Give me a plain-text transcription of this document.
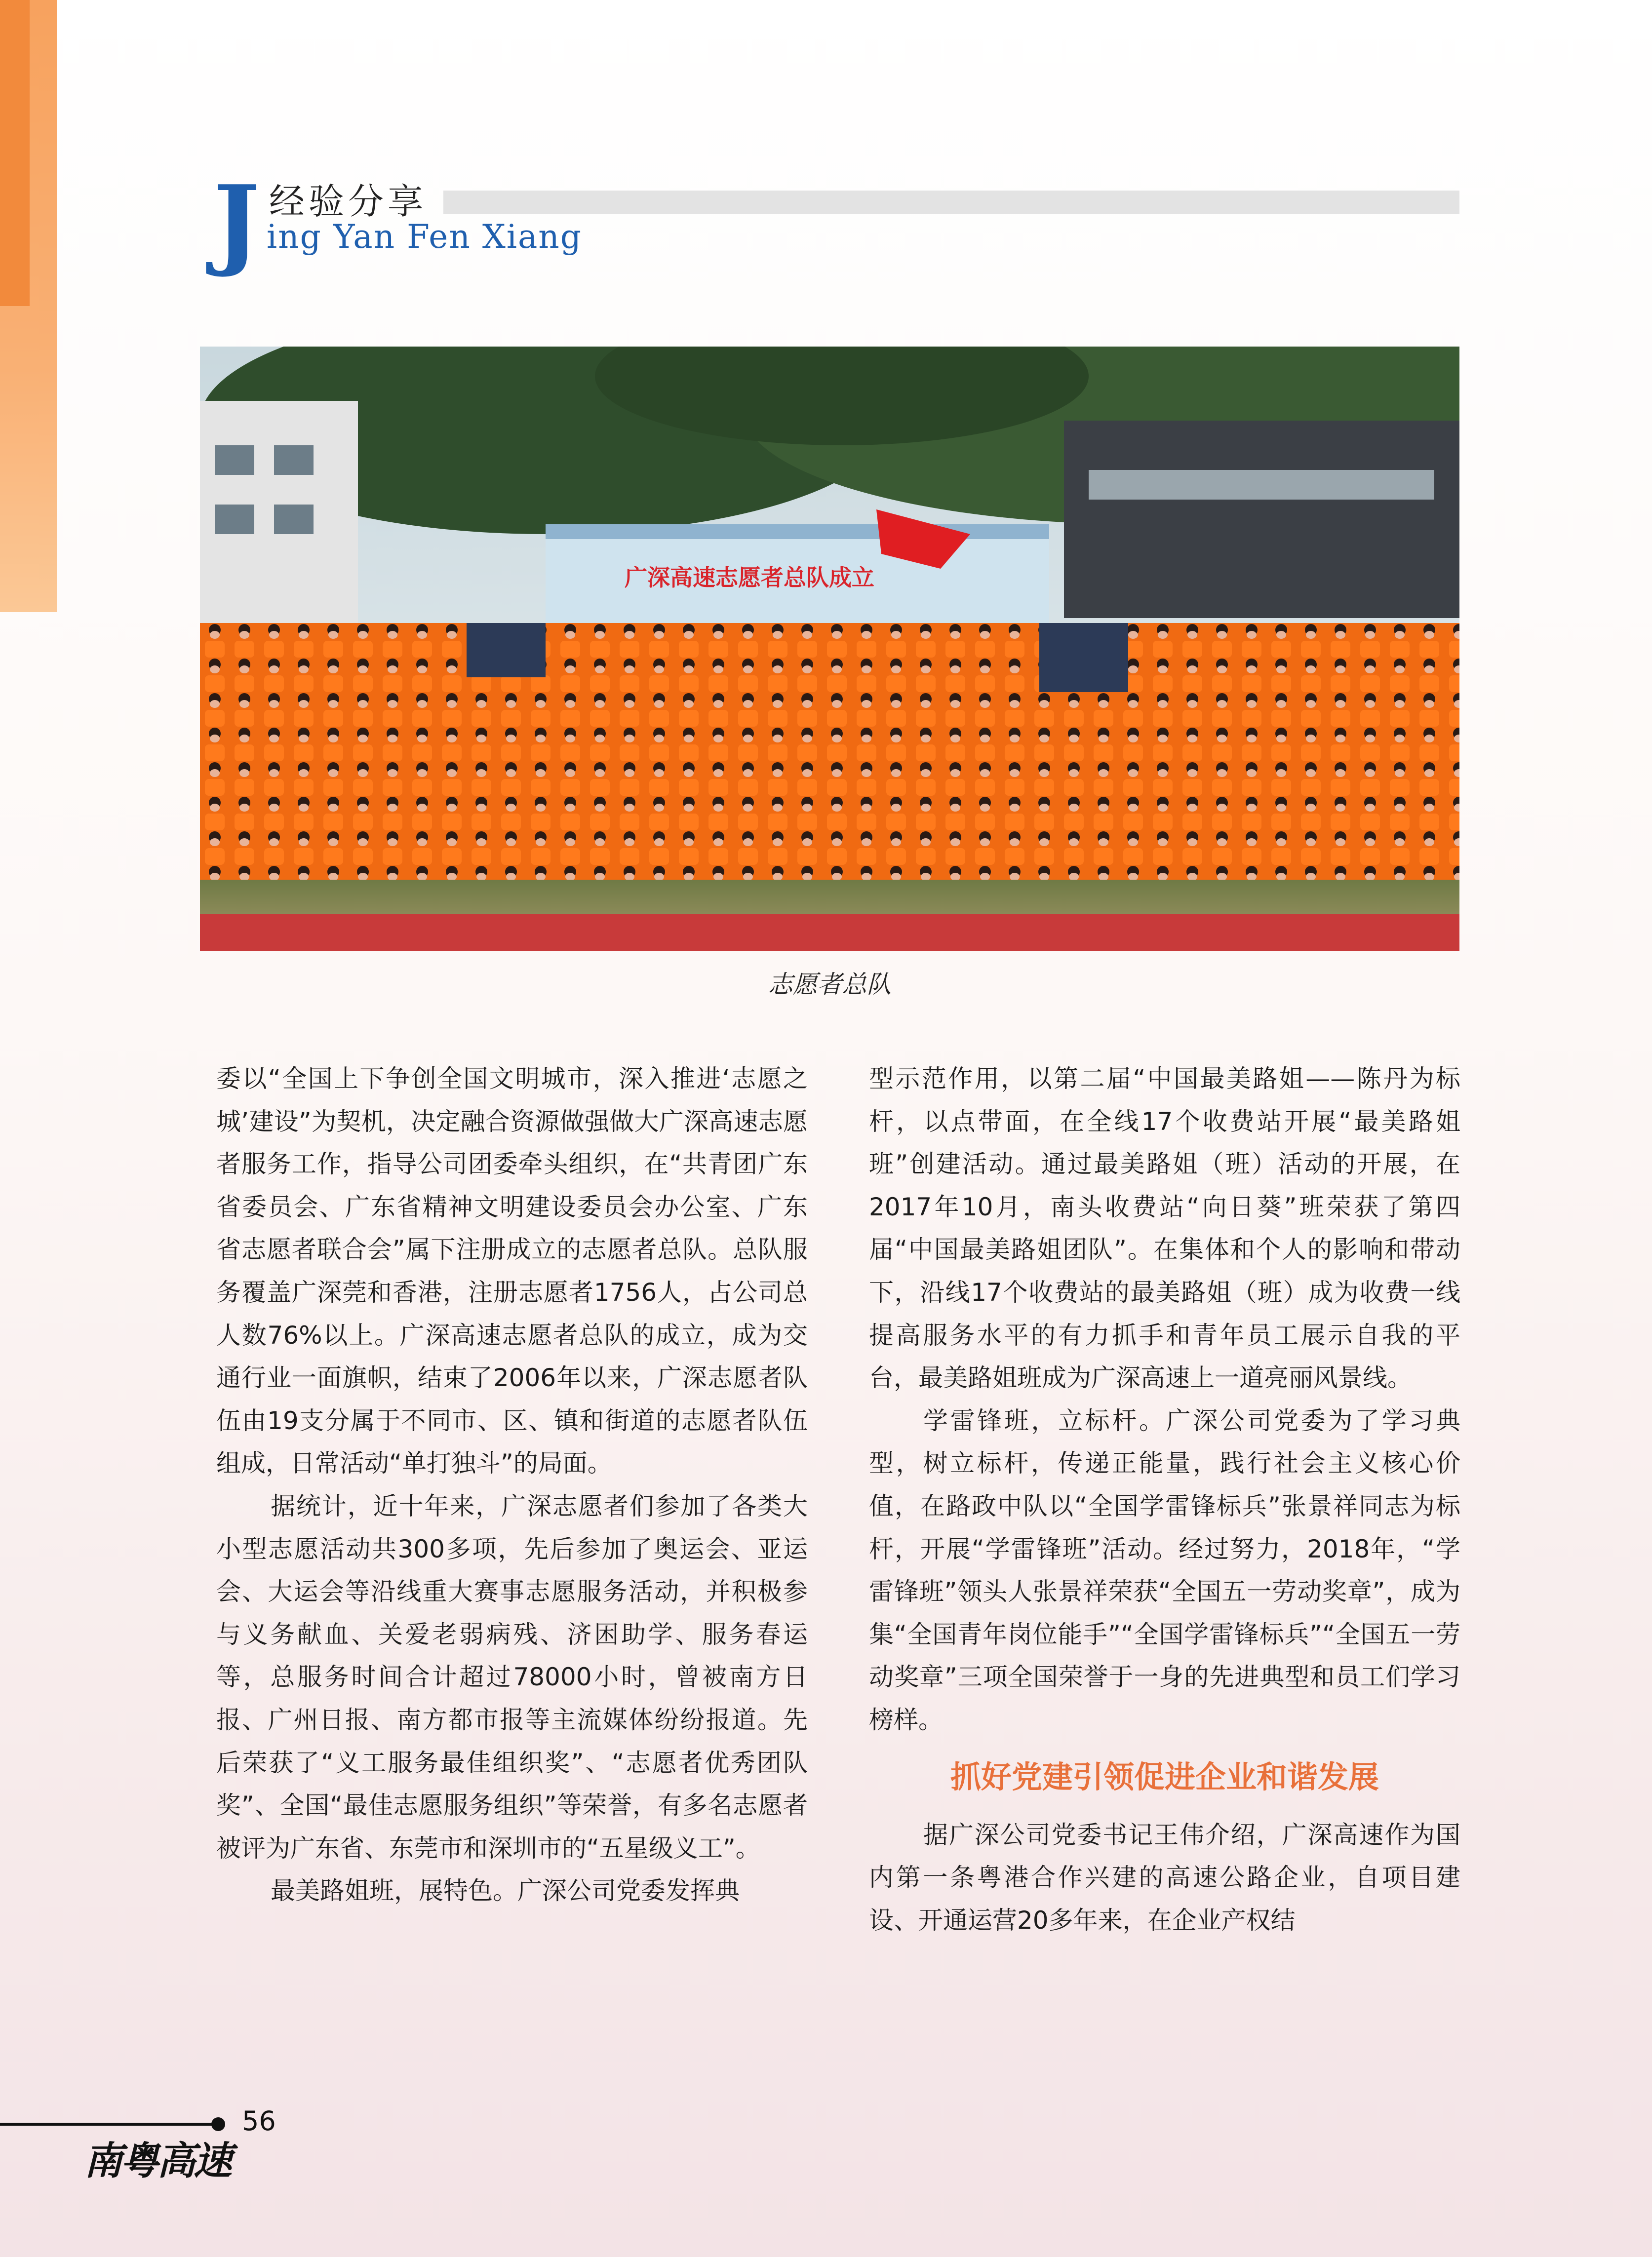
J 经验分享
ing Yan Fen Xiang
广深高速志愿者总队成立
志愿者总队

委以“全国上下争创全国文明城市，深入推进‘志愿之城’建设”为契机，决定融合资源做强做大广深高速志愿者服务工作，指导公司团委牵头组织，在“共青团广东省委员会、广东省精神文明建设委员会办公室、广东省志愿者联合会”属下注册成立的志愿者总队。总队服务覆盖广深莞和香港，注册志愿者1756人，占公司总人数76%以上。广深高速志愿者总队的成立，成为交通行业一面旗帜，结束了2006年以来，广深志愿者队伍由19支分属于不同市、区、镇和街道的志愿者队伍组成，日常活动“单打独斗”的局面。

据统计，近十年来，广深志愿者们参加了各类大小型志愿活动共300多项，先后参加了奥运会、亚运会、大运会等沿线重大赛事志愿服务活动，并积极参与义务献血、关爱老弱病残、济困助学、服务春运等，总服务时间合计超过78000小时，曾被南方日报、广州日报、南方都市报等主流媒体纷纷报道。先后荣获了“义工服务最佳组织奖”、“志愿者优秀团队奖”、全国“最佳志愿服务组织”等荣誉，有多名志愿者被评为广东省、东莞市和深圳市的“五星级义工”。

最美路姐班，展特色。广深公司党委发挥典

型示范作用，以第二届“中国最美路姐——陈丹为标杆，以点带面，在全线17个收费站开展“最美路姐班”创建活动。通过最美路姐（班）活动的开展，在2017年10月，南头收费站“向日葵”班荣获了第四届“中国最美路姐团队”。在集体和个人的影响和带动下，沿线17个收费站的最美路姐（班）成为收费一线提高服务水平的有力抓手和青年员工展示自我的平台，最美路姐班成为广深高速上一道亮丽风景线。

学雷锋班，立标杆。广深公司党委为了学习典型，树立标杆，传递正能量，践行社会主义核心价值，在路政中队以“全国学雷锋标兵”张景祥同志为标杆，开展“学雷锋班”活动。经过努力，2018年，“学雷锋班”领头人张景祥荣获“全国五一劳动奖章”，成为集“全国青年岗位能手”“全国学雷锋标兵”“全国五一劳动奖章”三项全国荣誉于一身的先进典型和员工们学习榜样。

抓好党建引领促进企业和谐发展

据广深公司党委书记王伟介绍，广深高速作为国内第一条粤港合作兴建的高速公路企业，自项目建设、开通运营20多年来，在企业产权结

56
南粤高速
